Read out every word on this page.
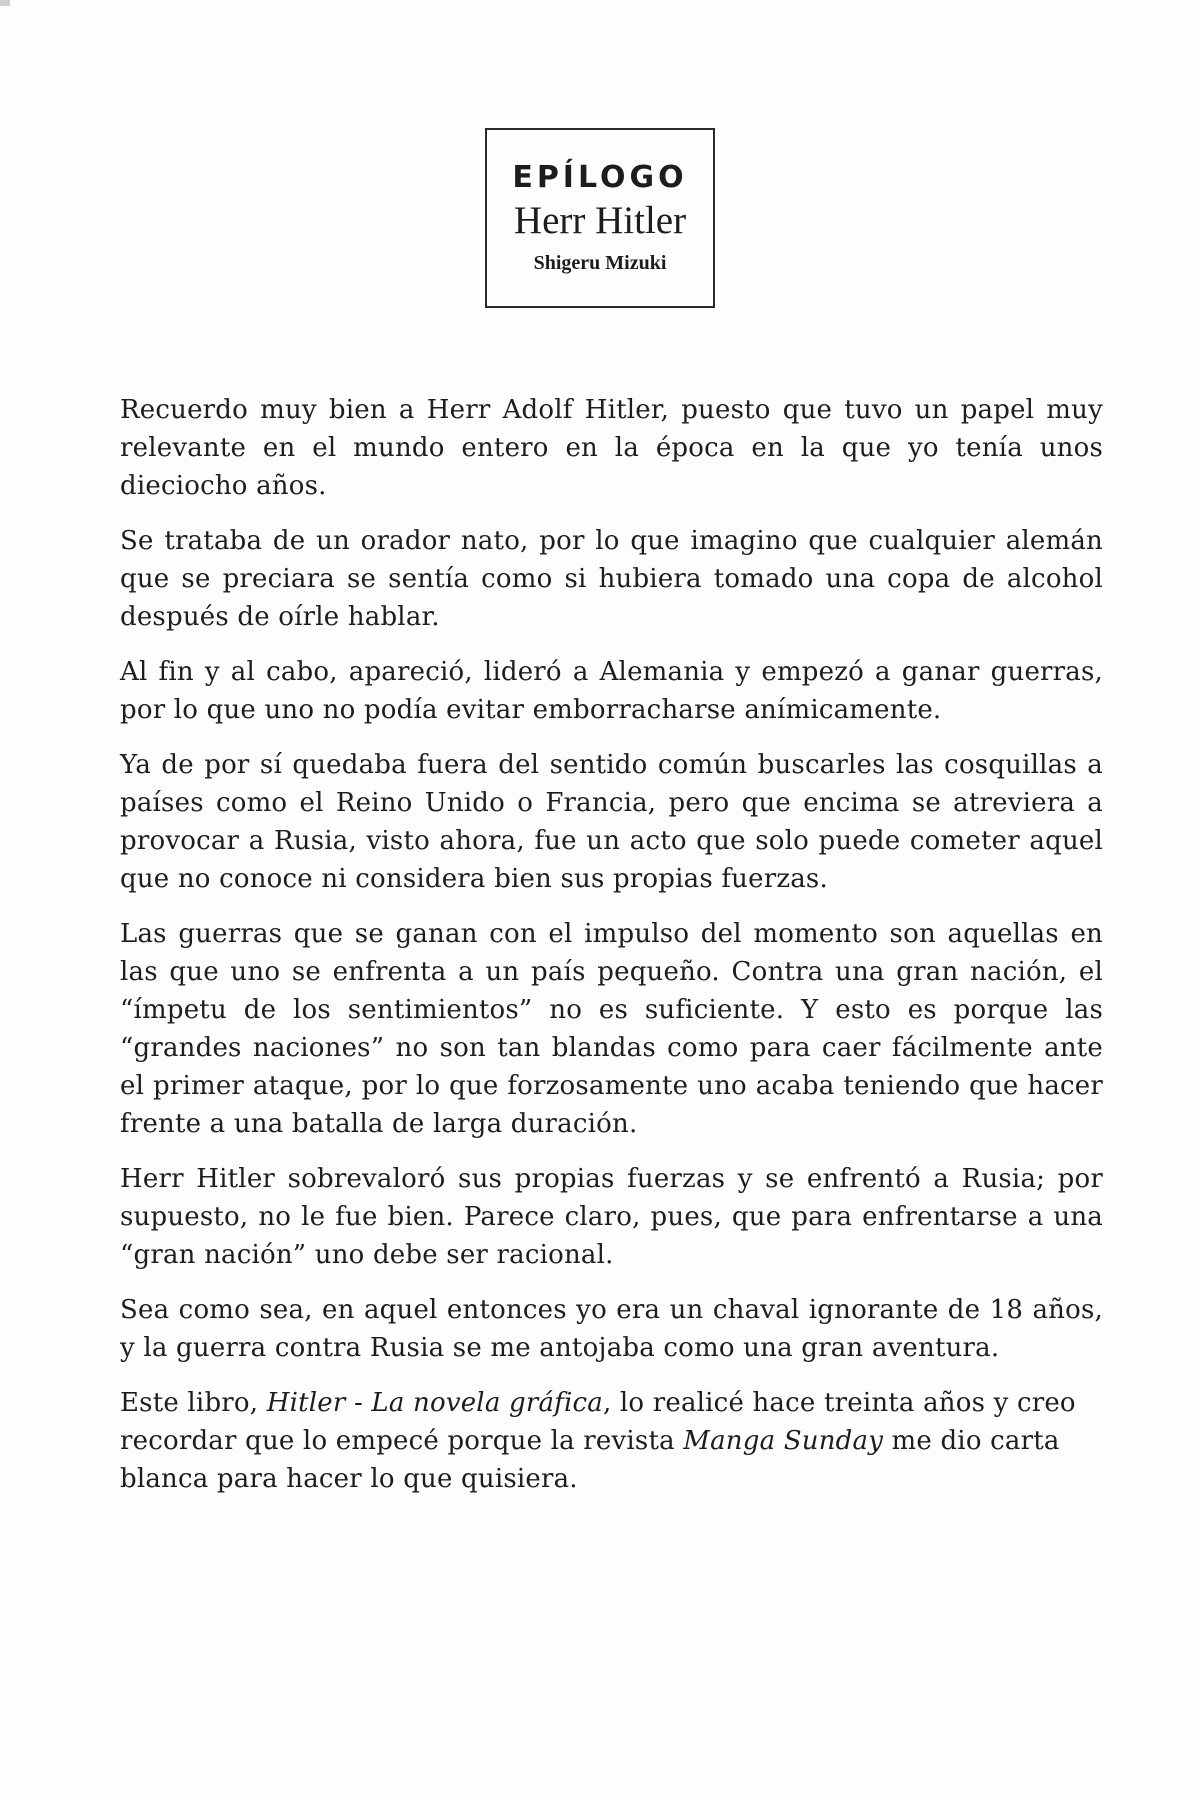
EPÍLOGO
Herr Hitler
Shigeru Mizuki

Recuerdo muy bien a Herr Adolf Hitler, puesto que tuvo un papel muy relevante en el mundo entero en la época en la que yo tenía unos dieciocho años.

Se trataba de un orador nato, por lo que imagino que cualquier alemán que se preciara se sentía como si hubiera tomado una copa de alcohol después de oírle hablar.

Al fin y al cabo, apareció, lideró a Alemania y empezó a ganar guerras, por lo que uno no podía evitar emborracharse anímicamente.

Ya de por sí quedaba fuera del sentido común buscarles las cosquillas a países como el Reino Unido o Francia, pero que encima se atreviera a provocar a Rusia, visto ahora, fue un acto que solo puede cometer aquel que no conoce ni considera bien sus propias fuerzas.

Las guerras que se ganan con el impulso del momento son aquellas en las que uno se enfrenta a un país pequeño. Contra una gran nación, el “ímpetu de los sentimientos” no es suficiente. Y esto es porque las “grandes naciones” no son tan blandas como para caer fácilmente ante el primer ataque, por lo que forzosamente uno acaba teniendo que hacer frente a una batalla de larga duración.

Herr Hitler sobrevaloró sus propias fuerzas y se enfrentó a Rusia; por supuesto, no le fue bien. Parece claro, pues, que para enfrentarse a una “gran nación” uno debe ser racional.

Sea como sea, en aquel entonces yo era un chaval ignorante de 18 años, y la guerra contra Rusia se me antojaba como una gran aventura.

Este libro, Hitler - La novela gráfica, lo realicé hace treinta años y creo recordar que lo empecé porque la revista Manga Sunday me dio carta blanca para hacer lo que quisiera.
